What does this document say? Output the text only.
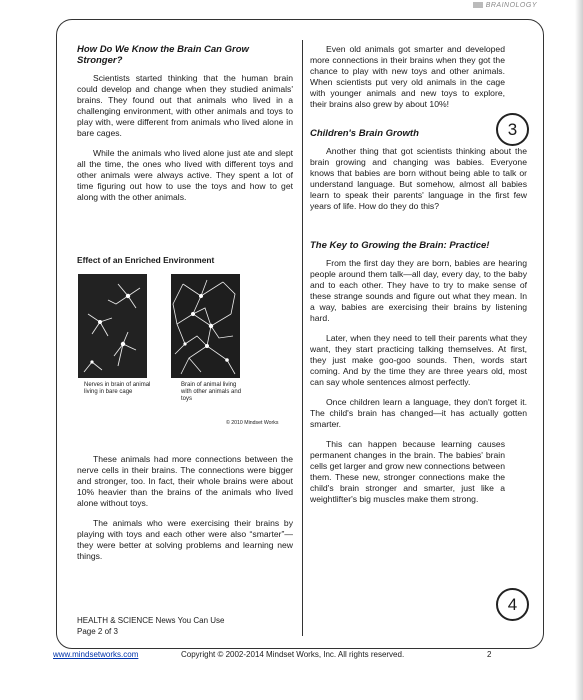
BRAINOLOGY
How Do We Know the Brain Can Grow Stronger?

Scientists started thinking that the human brain could develop and change when they studied animals' brains. They found out that animals who lived in a challenging environment, with other animals and toys to play with, were different from animals who lived alone in bare cages.

While the animals who lived alone just ate and slept all the time, the ones who lived with different toys and other animals were always active. They spent a lot of time figuring out how to use the toys and how to get along with the other animals.

Effect of an Enriched Environment
Nerves in brain of animal living in bare cage
Brain of animal living with other animals and toys
© 2010 Mindset Works

These animals had more connections between the nerve cells in their brains. The connections were bigger and stronger, too. In fact, their whole brains were about 10% heavier than the brains of the animals who lived alone without toys.

The animals who were exercising their brains by playing with toys and each other were also “smarter”—they were better at solving problems and learning new things.

HEALTH & SCIENCE News You Can Use
Page 2 of 3

Even old animals got smarter and developed more connections in their brains when they got the chance to play with new toys and other animals. When scientists put very old animals in the cage with younger animals and new toys to explore, their brains also grew by about 10%!

Children's Brain Growth

Another thing that got scientists thinking about the brain growing and changing was babies. Everyone knows that babies are born without being able to talk or understand language. But somehow, almost all babies learn to speak their parents' language in the first few years of life. How do they do this?

The Key to Growing the Brain: Practice!

From the first day they are born, babies are hearing people around them talk—all day, every day, to the baby and to each other. They have to try to make sense of these strange sounds and figure out what they mean. In a way, babies are exercising their brains by listening hard.

Later, when they need to tell their parents what they want, they start practicing talking themselves. At first, they just make goo-goo sounds. Then, words start coming. And by the time they are three years old, most can say whole sentences almost perfectly.

Once children learn a language, they don't forget it. The child's brain has changed—it has actually gotten smarter.

This can happen because learning causes permanent changes in the brain. The babies' brain cells get larger and grow new connections between them. These new, stronger connections make the child's brain stronger and smarter, just like a weightlifter's big muscles make them strong.

3
4
www.mindsetworks.com	Copyright © 2002-2014 Mindset Works, Inc. All rights reserved.	2
